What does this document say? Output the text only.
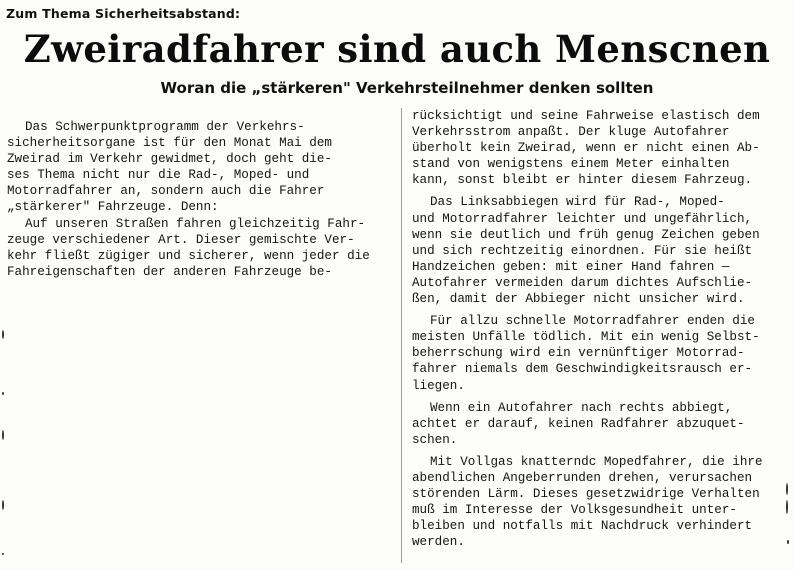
Zum Thema Sicherheitsabstand:
Zweiradfahrer sind auch Menscnen
Woran die „stärkeren" Verkehrsteilnehmer denken sollten
Das Schwerpunktprogramm der Verkehrs-
sicherheitsorgane ist für den Monat Mai dem
Zweirad im Verkehr gewidmet, doch geht die-
ses Thema nicht nur die Rad-, Moped- und
Motorradfahrer an, sondern auch die Fahrer
„stärkerer" Fahrzeuge. Denn:
Auf unseren Straßen fahren gleichzeitig Fahr-
zeuge verschiedener Art. Dieser gemischte Ver-
kehr fließt zügiger und sicherer, wenn jeder die
Fahreigenschaften der anderen Fahrzeuge be-
rücksichtigt und seine Fahrweise elastisch dem
Verkehrsstrom anpaßt. Der kluge Autofahrer
überholt kein Zweirad, wenn er nicht einen Ab-
stand von wenigstens einem Meter einhalten
kann, sonst bleibt er hinter diesem Fahrzeug.
Das Linksabbiegen wird für Rad-, Moped-
und Motorradfahrer leichter und ungefährlich,
wenn sie deutlich und früh genug Zeichen geben
und sich rechtzeitig einordnen. Für sie heißt
Handzeichen geben: mit einer Hand fahren —
Autofahrer vermeiden darum dichtes Aufschlie-
ßen, damit der Abbieger nicht unsicher wird.
Für allzu schnelle Motorradfahrer enden die
meisten Unfälle tödlich. Mit ein wenig Selbst-
beherrschung wird ein vernünftiger Motorrad-
fahrer niemals dem Geschwindigkeitsrausch er-
liegen.
Wenn ein Autofahrer nach rechts abbiegt,
achtet er darauf, keinen Radfahrer abzuquet-
schen.
Mit Vollgas knatterndc Mopedfahrer, die ihre
abendlichen Angeberrunden drehen, verursachen
störenden Lärm. Dieses gesetzwidrige Verhalten
muß im Interesse der Volksgesundheit unter-
bleiben und notfalls mit Nachdruck verhindert
werden.
